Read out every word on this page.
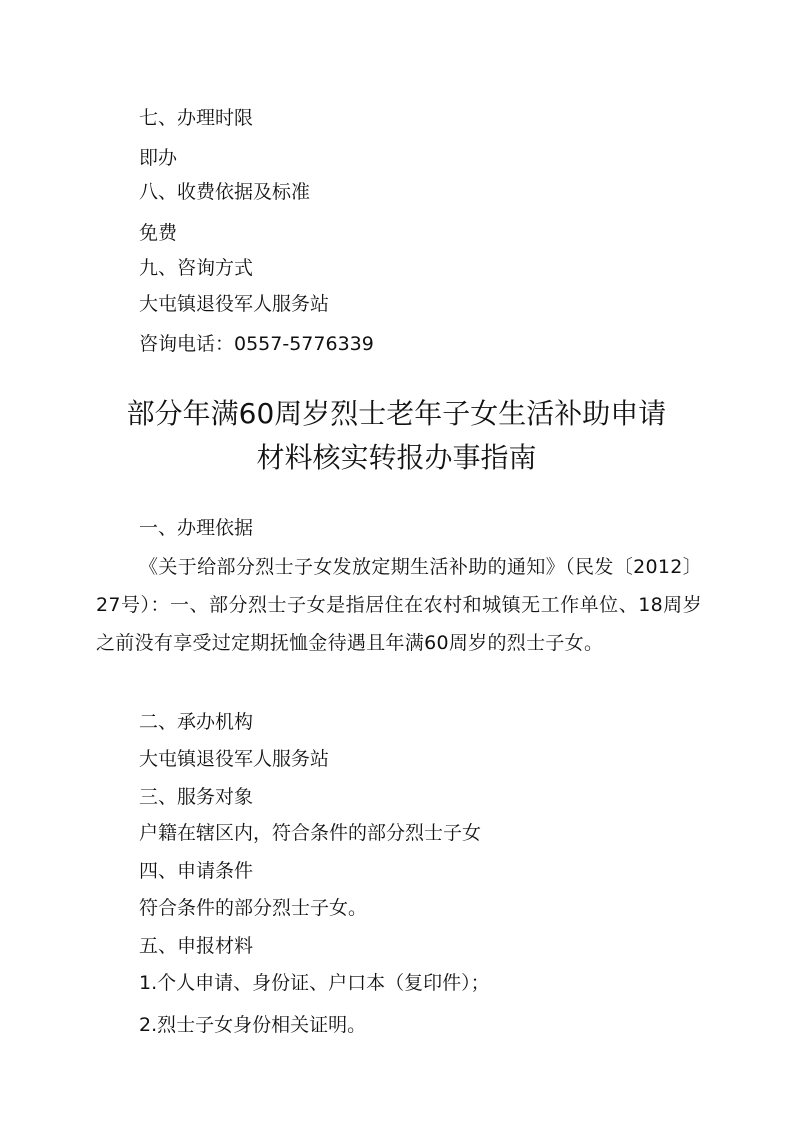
七、办理时限
即办
八、收费依据及标准
免费
九、咨询方式
大屯镇退役军人服务站
咨询电话：0557-5776339
部分年满60周岁烈士老年子女生活补助申请
材料核实转报办事指南
一、办理依据
《关于给部分烈士子女发放定期生活补助的通知》（民发〔2012〕27号）：一、部分烈士子女是指居住在农村和城镇无工作单位、18周岁之前没有享受过定期抚恤金待遇且年满60周岁的烈士子女。
二、承办机构
大屯镇退役军人服务站
三、服务对象
户籍在辖区内，符合条件的部分烈士子女
四、申请条件
符合条件的部分烈士子女。
五、申报材料
1.个人申请、身份证、户口本（复印件）；
2.烈士子女身份相关证明。
